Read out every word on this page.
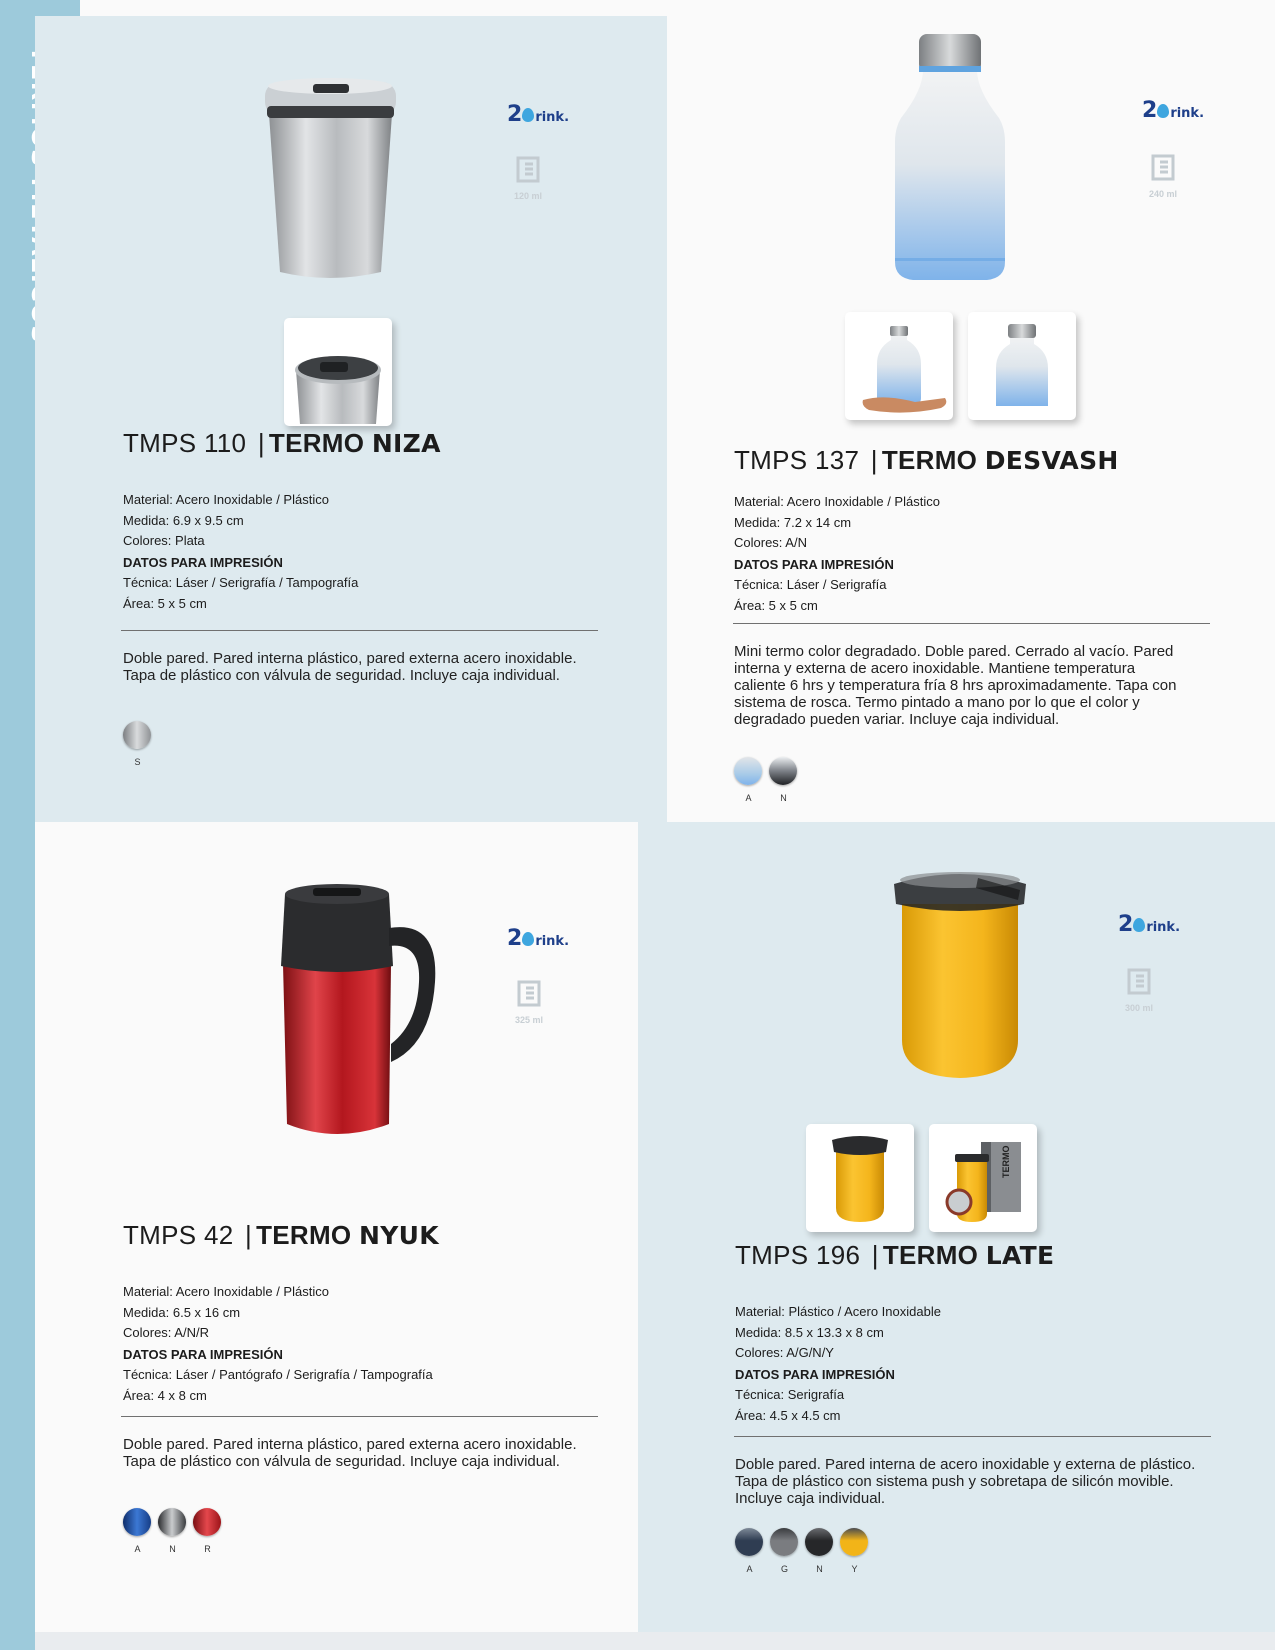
2 rink.
120 ml
TMPS 110 | TERMO NIZA
Material: Acero Inoxidable / Plástico
Medida: 6.9 x 9.5 cm
Colores: Plata
DATOS PARA IMPRESIÓN
Técnica: Láser / Serigrafía / Tampografía
Área: 5 x 5 cm
Doble pared. Pared interna plástico, pared externa acero inoxidable. Tapa de plástico con válvula de seguridad. Incluye caja individual.
S
2 rink.
240 ml
TMPS 137 | TERMO DESVASH
Material: Acero Inoxidable / Plástico
Medida: 7.2 x 14 cm
Colores: A/N
DATOS PARA IMPRESIÓN
Técnica: Láser / Serigrafía
Área: 5 x 5 cm
Mini termo color degradado. Doble pared. Cerrado al vacío. Pared interna y externa de acero inoxidable. Mantiene temperatura caliente 6 hrs y temperatura fría 8 hrs aproximadamente. Tapa con sistema de rosca. Termo pintado a mano por lo que el color y degradado pueden variar. Incluye caja individual.
A	N
2 rink.
325 ml
TMPS 42 | TERMO NYUK
Material: Acero Inoxidable / Plástico
Medida: 6.5 x 16 cm
Colores: A/N/R
DATOS PARA IMPRESIÓN
Técnica: Láser / Pantógrafo / Serigrafía / Tampografía
Área: 4 x 8 cm
Doble pared. Pared interna plástico, pared externa acero inoxidable. Tapa de plástico con válvula de seguridad. Incluye caja individual.
A	N	R
TERMO
2 rink.
300 ml
TMPS 196 | TERMO LATE
Material: Plástico / Acero Inoxidable
Medida: 8.5 x 13.3 x 8 cm
Colores: A/G/N/Y
DATOS PARA IMPRESIÓN
Técnica: Serigrafía
Área: 4.5 x 4.5 cm
Doble pared. Pared interna de acero inoxidable y externa de plástico. Tapa de plástico con sistema push y sobretapa de silicón movible. Incluye caja individual.
A	G	N	Y
